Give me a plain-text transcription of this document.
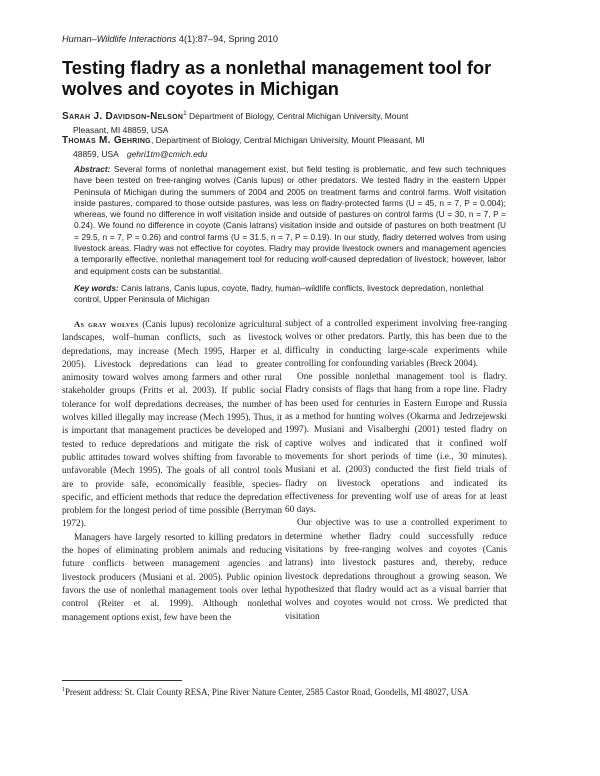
Human–Wildlife Interactions 4(1):87–94, Spring 2010
Testing fladry as a nonlethal management tool for wolves and coyotes in Michigan
Sarah J. Davidson-Nelson$^1$ Department of Biology, Central Michigan University, Mount
Pleasant, MI 48859, USA
Thomas M. Gehring, Department of Biology, Central Michigan University, Mount Pleasant, MI
48859, USA gehri1tm@cmich.edu

Abstract: Several forms of nonlethal management exist, but field testing is problematic, and few such techniques have been tested on free-ranging wolves (Canis lupus) or other predators. We tested fladry in the eastern Upper Peninsula of Michigan during the summers of 2004 and 2005 on treatment farms and control farms. Wolf visitation inside pastures, compared to those outside pastures, was less on fladry-protected farms (U = 45, n = 7, P = 0.004); whereas, we found no difference in wolf visitation inside and outside of pastures on control farms (U = 30, n = 7, P = 0.24). We found no difference in coyote (Canis latrans) visitation inside and outside of pastures on both treatment (U = 29.5, n = 7, P = 0.26) and control farms (U = 31.5, n = 7, P = 0.19). In our study, fladry deterred wolves from using livestock areas. Fladry was not effective for coyotes. Fladry may provide livestock owners and management agencies a temporarily effective, nonlethal management tool for reducing wolf-caused depredation of livestock; however, labor and equipment costs can be substantial.

Key words: Canis latrans, Canis lupus, coyote, fladry, human–wildlife conflicts, livestock depredation, nonlethal control, Upper Peninsula of Michigan

As gray wolves (Canis lupus) recolonize agricultural landscapes, wolf–human conflicts, such as livestock depredations, may increase (Mech 1995, Harper et al. 2005). Livestock depredations can lead to greater animosity toward wolves among farmers and other rural stakeholder groups (Fritts et al. 2003). If public social tolerance for wolf depredations decreases, the number of wolves killed illegally may increase (Mech 1995). Thus, it is important that management practices be developed and tested to reduce depredations and mitigate the risk of public attitudes toward wolves shifting from favorable to unfavorable (Mech 1995). The goals of all control tools are to provide safe, economically feasible, species-specific, and efficient methods that reduce the depredation problem for the longest period of time possible (Berryman 1972).

Managers have largely resorted to killing predators in the hopes of eliminating problem animals and reducing future conflicts between management agencies and livestock producers (Musiani et al. 2005). Public opinion favors the use of nonlethal management tools over lethal control (Reiter et al. 1999). Although nonlethal management options exist, few have been the

subject of a controlled experiment involving free-ranging wolves or other predators. Partly, this has been due to the difficulty in conducting large-scale experiments while controlling for confounding variables (Breck 2004).

One possible nonlethal management tool is fladry. Fladry consists of flags that hang from a rope line. Fladry has been used for centuries in Eastern Europe and Russia as a method for hunting wolves (Okarma and Jedrzejewski 1997). Musiani and Visalberghi (2001) tested fladry on captive wolves and indicated that it confined wolf movements for short periods of time (i.e., 30 minutes). Musiani et al. (2003) conducted the first field trials of fladry on livestock operations and indicated its effectiveness for preventing wolf use of areas for at least 60 days.

Our objective was to use a controlled experiment to determine whether fladry could successfully reduce visitations by free-ranging wolves and coyotes (Canis latrans) into livestock pastures and, thereby, reduce livestock depredations throughout a growing season. We hypothesized that fladry would act as a visual barrier that wolves and coyotes would not cross. We predicted that visitation

$^1$Present address: St. Clair County RESA, Pine River Nature Center, 2585 Castor Road, Goodells, MI 48027, USA
